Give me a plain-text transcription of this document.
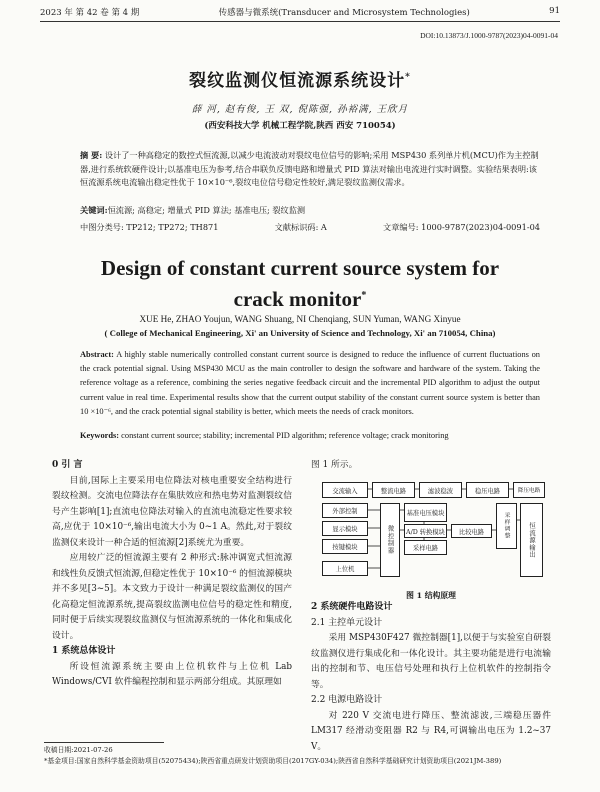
2023 年 第 42 卷 第 4 期	传感器与微系统(Transducer and Microsystem Technologies)	91
DOI:10.13873/J.1000-9787(2023)04-0091-04
裂纹监测仪恒流源系统设计*
薛 河, 赵有俊, 王 双, 倪陈强, 孙裕满, 王欣月
(西安科技大学 机械工程学院,陕西 西安 710054)
摘 要: 设计了一种高稳定的数控式恒流源,以减少电流波动对裂纹电位信号的影响;采用 MSP430 系列单片机(MCU)作为主控制器,进行系统软硬件设计;以基准电压为参考,结合串联负反馈电路和增量式 PID 算法对输出电流进行实时调整。实验结果表明:该恒流源系统电流输出稳定性优于 10×10⁻⁶,裂纹电位信号稳定性较好,满足裂纹监测仪需求。
关键词:恒流源; 高稳定; 增量式 PID 算法; 基准电压; 裂纹监测
中图分类号: TP212; TP272; TH871	文献标识码: A	文章编号: 1000-9787(2023)04-0091-04
Design of constant current source system for
crack monitor*
XUE He, ZHAO Youjun, WANG Shuang, NI Chenqiang, SUN Yuman, WANG Xinyue
( College of Mechanical Engineering, Xi' an University of Science and Technology, Xi' an 710054, China)
Abstract: A highly stable numerically controlled constant current source is designed to reduce the influence of current fluctuations on the crack potential signal. Using MSP430 MCU as the main controller to design the software and hardware of the system. Taking the reference voltage as a reference, combining the series negative feedback circuit and the incremental PID algorithm to adjust the output current value in real time. Experimental results show that the current output stability of the constant current source system is better than 10 ×10⁻⁶, and the crack potential signal stability is better, which meets the needs of crack monitors.
Keywords: constant current source; stability; incremental PID algorithm; reference voltage; crack monitoring
0 引 言

目前,国际上主要采用电位降法对核电重要安全结构进行裂纹检测。交流电位降法存在集肤效应和热电势对监测裂纹信号产生影响[1];直流电位降法对输入的直流电流稳定性要求较高,应优于 10×10⁻⁶,输出电流大小为 0~1 A。然此,对于裂纹监测仪来设计一种合适的恒流源[2]系统尤为重要。

应用较广泛的恒流源主要有 2 种形式:脉冲调宽式恒流源和线性负反馈式恒流源,但稳定性优于 10×10⁻⁶ 的恒流源模块并不多见[3~5]。本文致力于设计一种满足裂纹监测仪的国产化高稳定恒流源系统,提高裂纹监测电位信号的稳定性和精度,同时便于后续实现裂纹监测仪与恒流源系统的一体化和集成化设计。

1 系统总体设计

所设恒流源系统主要由上位机软件与上位机 Lab Windows/CVI 软件编程控制和显示两部分组成。其原理如

图 1 所示。
交流输入	整流电路	滤波稳波	稳压电路	降压电路
外部控制
显示模块
按键模块
上位机
微控制器
基准电压模块
A/D 转换模块	比较电路
采样电路
采样调整	恒流源输出
图 1 结构原理
2 系统硬件电路设计
2.1 主控单元设计

采用 MSP430F427 微控制器[1],以便于与实验室自研裂纹监测仪进行集成化和一体化设计。其主要功能是进行电流输出的控制和节、电压信号处理和执行上位机软件的控制指令等。

2.2 电源电路设计

对 220 V 交流电进行降压、整流滤波,三端稳压器件 LM317 经滑动变阻器 R2 与 R4,可调输出电压为 1.2~37 V。

收稿日期:2021-07-26
*基金项目:国家自然科学基金资助项目(52075434);陕西省重点研发计划资助项目(2017GY-034);陕西省自然科学基础研究计划资助项目(2021JM-389)
